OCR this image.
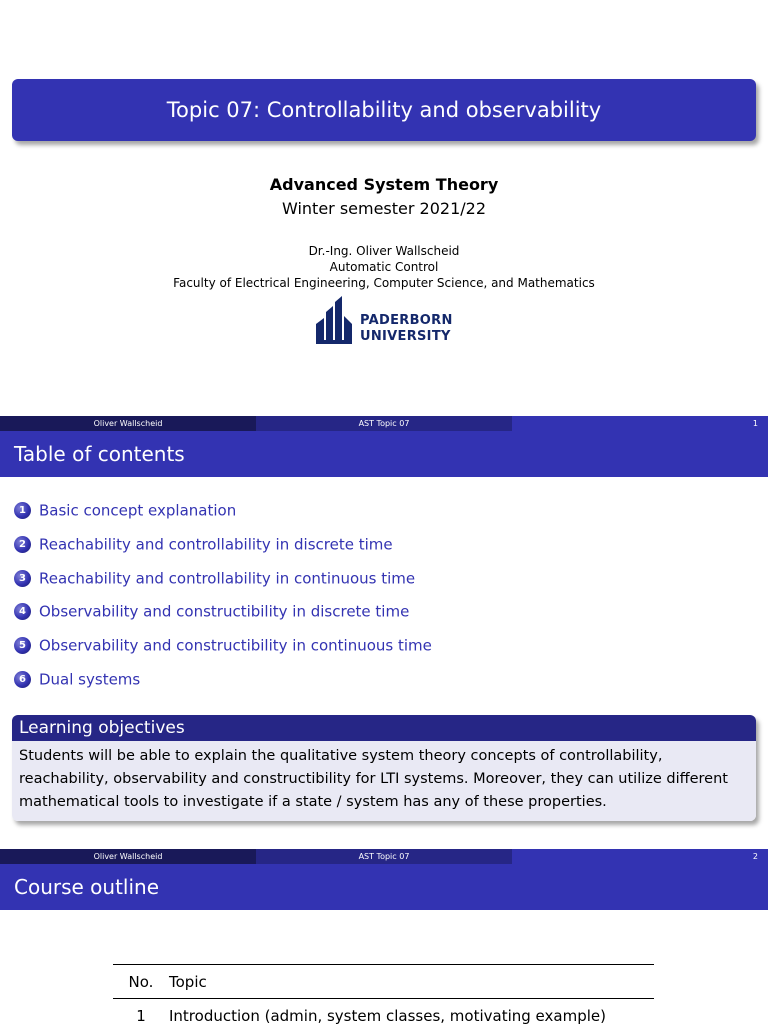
Topic 07: Controllability and observability
Advanced System Theory
Winter semester 2021/22
Dr.-Ing. Oliver Wallscheid
Automatic Control
Faculty of Electrical Engineering, Computer Science, and Mathematics
PADERBORN
UNIVERSITY
Oliver Wallscheid	AST Topic 07	1
Table of contents
1 Basic concept explanation
2 Reachability and controllability in discrete time
3 Reachability and controllability in continuous time
4 Observability and constructibility in discrete time
5 Observability and constructibility in continuous time
6 Dual systems
Learning objectives
Students will be able to explain the qualitative system theory concepts of controllability, reachability, observability and constructibility for LTI systems. Moreover, they can utilize different mathematical tools to investigate if a state / system has any of these properties.
Oliver Wallscheid	AST Topic 07	2
Course outline
No.	Topic
1	Introduction (admin, system classes, motivating example)
